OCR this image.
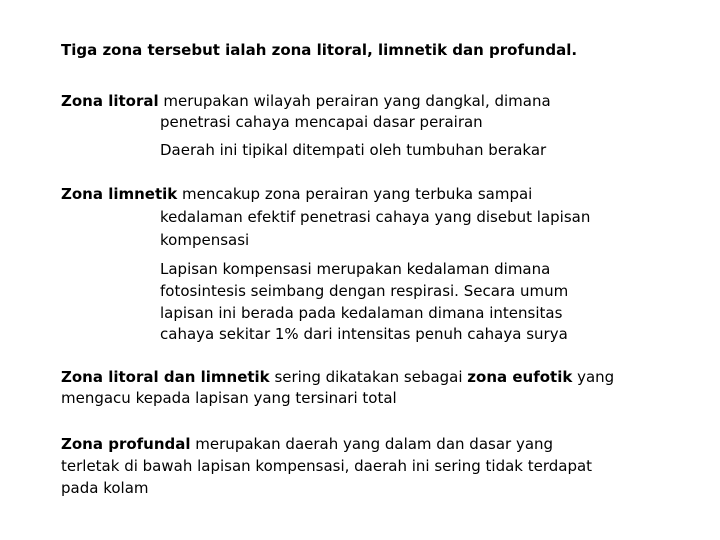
Tiga zona tersebut ialah zona litoral, limnetik dan profundal.

Zona litoral merupakan wilayah perairan yang dangkal, dimana

penetrasi cahaya mencapai dasar perairan

Daerah ini tipikal ditempati oleh tumbuhan berakar

Zona limnetik mencakup zona perairan yang terbuka sampai

kedalaman efektif penetrasi cahaya yang disebut lapisan

kompensasi

Lapisan kompensasi merupakan kedalaman dimana

fotosintesis seimbang dengan respirasi. Secara umum

lapisan ini berada pada kedalaman dimana intensitas

cahaya sekitar 1% dari intensitas penuh cahaya surya

Zona litoral dan limnetik sering dikatakan sebagai zona eufotik yang

mengacu kepada lapisan yang tersinari total

Zona profundal merupakan daerah yang dalam dan dasar yang

terletak di bawah lapisan kompensasi, daerah ini sering tidak terdapat

pada kolam
